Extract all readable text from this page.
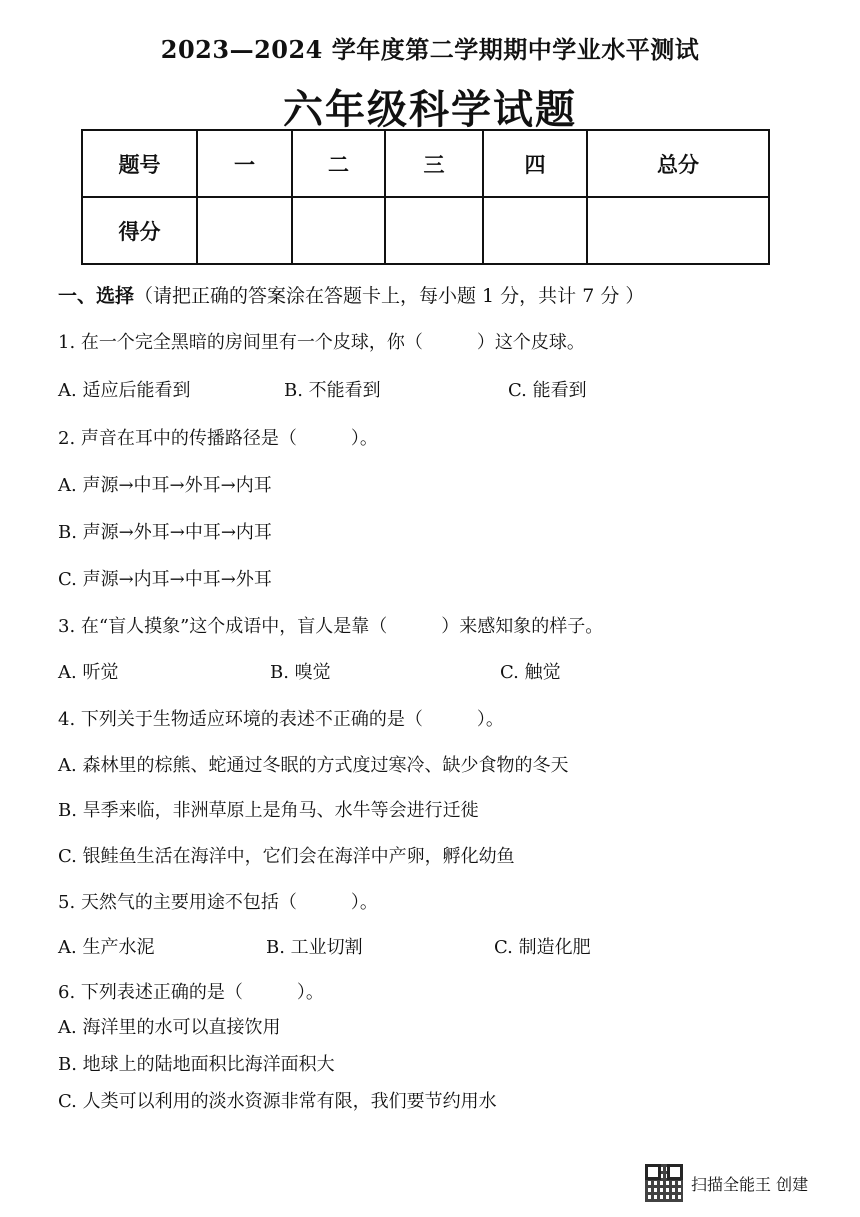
2023—2024 学年度第二学期期中学业水平测试
六年级科学试题
题号	一	二	三	四	总分
得分					
一、选择（请把正确的答案涂在答题卡上，每小题 1 分，共计 7 分 ）
1. 在一个完全黑暗的房间里有一个皮球，你（　　　）这个皮球。
A. 适应后能看到	B. 不能看到	C. 能看到
2. 声音在耳中的传播路径是（　　　）。
A. 声源→中耳→外耳→内耳
B. 声源→外耳→中耳→内耳
C. 声源→内耳→中耳→外耳
3. 在“盲人摸象”这个成语中，盲人是靠（　　　）来感知象的样子。
A. 听觉	B. 嗅觉	C. 触觉
4. 下列关于生物适应环境的表述不正确的是（　　　）。
A. 森林里的棕熊、蛇通过冬眠的方式度过寒冷、缺少食物的冬天
B. 旱季来临，非洲草原上是角马、水牛等会进行迁徙
C. 银鲑鱼生活在海洋中，它们会在海洋中产卵，孵化幼鱼
5. 天然气的主要用途不包括（　　　）。
A. 生产水泥	B. 工业切割	C. 制造化肥
6. 下列表述正确的是（　　　）。
A. 海洋里的水可以直接饮用
B. 地球上的陆地面积比海洋面积大
C. 人类可以利用的淡水资源非常有限，我们要节约用水
扫描全能王 创建
